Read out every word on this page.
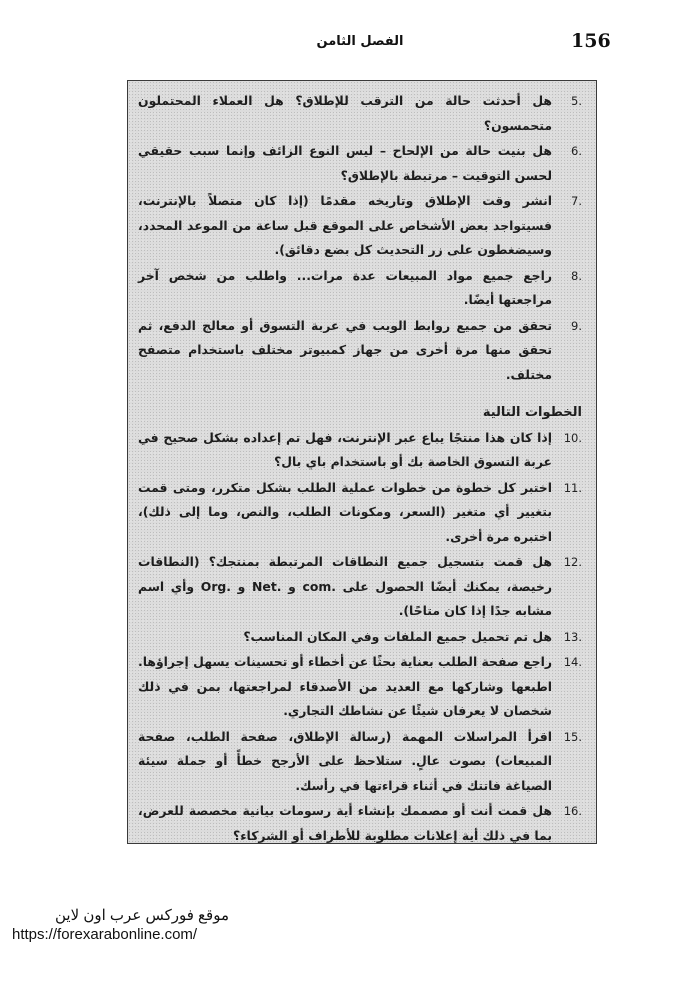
156
الفصل الثامن
5.
هل أحدثت حالة من الترقب للإطلاق؟ هل العملاء المحتملون متحمسون؟
6.
هل بنيت حالة من الإلحاح – ليس النوع الزائف وإنما سبب حقيقي لحسن التوقيت – مرتبطة بالإطلاق؟
7.
انشر وقت الإطلاق وتاريخه مقدمًا (إذا كان متصلاً بالإنترنت، فسيتواجد بعض الأشخاص على الموقع قبل ساعة من الموعد المحدد، وسيضغطون على زر التحديث كل بضع دقائق).
8.
راجع جميع مواد المبيعات عدة مرات... واطلب من شخص آخر مراجعتها أيضًا.
9.
تحقق من جميع روابط الويب في عربة التسوق أو معالج الدفع، ثم تحقق منها مرة أخرى من جهاز كمبيوتر مختلف باستخدام متصفح مختلف.
الخطوات التالية
10.
إذا كان هذا منتجًا يباع عبر الإنترنت، فهل تم إعداده بشكل صحيح في عربة التسوق الخاصة بك أو باستخدام باي بال؟
11.
اختبر كل خطوة من خطوات عملية الطلب بشكل متكرر، ومتى قمت بتغيير أي متغير (السعر، ومكونات الطلب، والنص، وما إلى ذلك)، اختبره مرة أخرى.
12.
هل قمت بتسجيل جميع النطاقات المرتبطة بمنتجك؟ (النطاقات رخيصة، يمكنك أيضًا الحصول على .com و .Net و .Org وأي اسم مشابه جدًا إذا كان متاحًا).
13.
هل تم تحميل جميع الملفات وفي المكان المناسب؟
14.
راجع صفحة الطلب بعناية بحثًا عن أخطاء أو تحسينات يسهل إجراؤها. اطبعها وشاركها مع العديد من الأصدقاء لمراجعتها، بمن في ذلك شخصان لا يعرفان شيئًا عن نشاطك التجاري.
15.
اقرأ المراسلات المهمة (رسالة الإطلاق، صفحة الطلب، صفحة المبيعات) بصوت عالٍ. ستلاحظ على الأرجح خطأً أو جملة سيئة الصياغة فاتتك في أثناء قراءتها في رأسك.
16.
هل قمت أنت أو مصممك بإنشاء أية رسومات بيانية مخصصة للعرض، بما في ذلك أية إعلانات مطلوبة للأطراف أو الشركاء؟
موقع فوركس عرب اون لاين
https://forexarabonline.com/
